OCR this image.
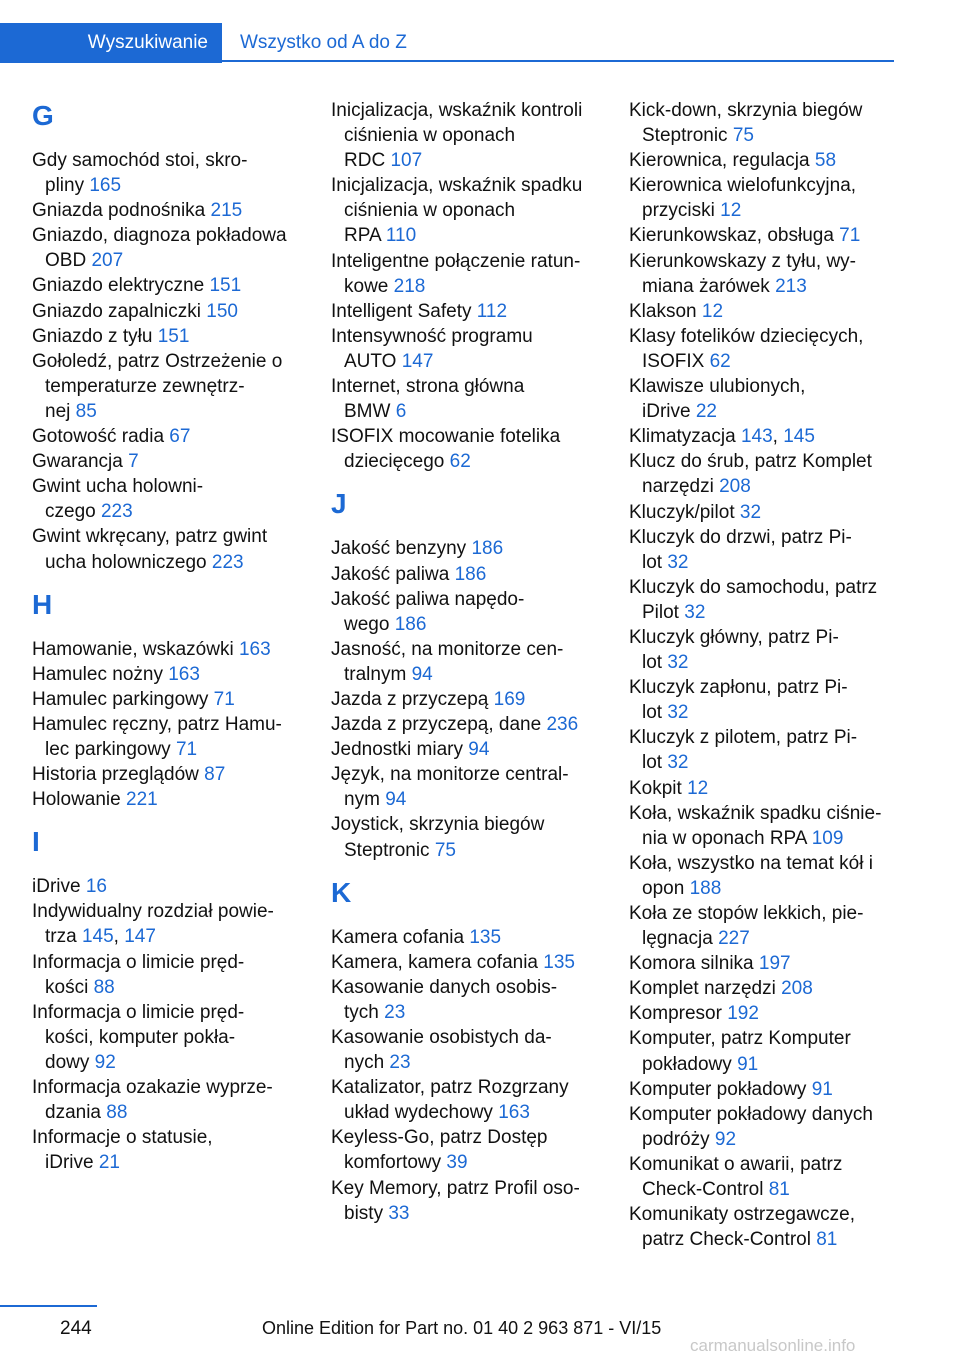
Wyszukiwanie	Wszystko od A do Z
G
Gdy samochód stoi, skro-
pliny 165
Gniazda podnośnika 215
Gniazdo, diagnoza pokładowa
OBD 207
Gniazdo elektryczne 151
Gniazdo zapalniczki 150
Gniazdo z tyłu 151
Gołoledź, patrz Ostrzeżenie o
temperaturze zewnętrz-
nej 85
Gotowość radia 67
Gwarancja 7
Gwint ucha holowni-
czego 223
Gwint wkręcany, patrz gwint
ucha holowniczego 223
H
Hamowanie, wskazówki 163
Hamulec nożny 163
Hamulec parkingowy 71
Hamulec ręczny, patrz Hamu-
lec parkingowy 71
Historia przeglądów 87
Holowanie 221
I
iDrive 16
Indywidualny rozdział powie-
trza 145, 147
Informacja o limicie pręd-
kości 88
Informacja o limicie pręd-
kości, komputer pokła-
dowy 92
Informacja ozakazie wyprze-
dzania 88
Informacje o statusie,
iDrive 21
Inicjalizacja, wskaźnik kontroli
ciśnienia w oponach
RDC 107
Inicjalizacja, wskaźnik spadku
ciśnienia w oponach
RPA 110
Inteligentne połączenie ratun-
kowe 218
Intelligent Safety 112
Intensywność programu
AUTO 147
Internet, strona główna
BMW 6
ISOFIX mocowanie fotelika
dziecięcego 62
J
Jakość benzyny 186
Jakość paliwa 186
Jakość paliwa napędo-
wego 186
Jasność, na monitorze cen-
tralnym 94
Jazda z przyczepą 169
Jazda z przyczepą, dane 236
Jednostki miary 94
Język, na monitorze central-
nym 94
Joystick, skrzynia biegów
Steptronic 75
K
Kamera cofania 135
Kamera, kamera cofania 135
Kasowanie danych osobis-
tych 23
Kasowanie osobistych da-
nych 23
Katalizator, patrz Rozgrzany
układ wydechowy 163
Keyless-Go, patrz Dostęp
komfortowy 39
Key Memory, patrz Profil oso-
bisty 33
Kick-down, skrzynia biegów
Steptronic 75
Kierownica, regulacja 58
Kierownica wielofunkcyjna,
przyciski 12
Kierunkowskaz, obsługa 71
Kierunkowskazy z tyłu, wy-
miana żarówek 213
Klakson 12
Klasy fotelików dziecięcych,
ISOFIX 62
Klawisze ulubionych,
iDrive 22
Klimatyzacja 143, 145
Klucz do śrub, patrz Komplet
narzędzi 208
Kluczyk/pilot 32
Kluczyk do drzwi, patrz Pi-
lot 32
Kluczyk do samochodu, patrz
Pilot 32
Kluczyk główny, patrz Pi-
lot 32
Kluczyk zapłonu, patrz Pi-
lot 32
Kluczyk z pilotem, patrz Pi-
lot 32
Kokpit 12
Koła, wskaźnik spadku ciśnie-
nia w oponach RPA 109
Koła, wszystko na temat kół i
opon 188
Koła ze stopów lekkich, pie-
lęgnacja 227
Komora silnika 197
Komplet narzędzi 208
Kompresor 192
Komputer, patrz Komputer
pokładowy 91
Komputer pokładowy 91
Komputer pokładowy danych
podróży 92
Komunikat o awarii, patrz
Check-Control 81
Komunikaty ostrzegawcze,
patrz Check-Control 81
244	Online Edition for Part no. 01 40 2 963 871 - VI/15
carmanualsonline.info
